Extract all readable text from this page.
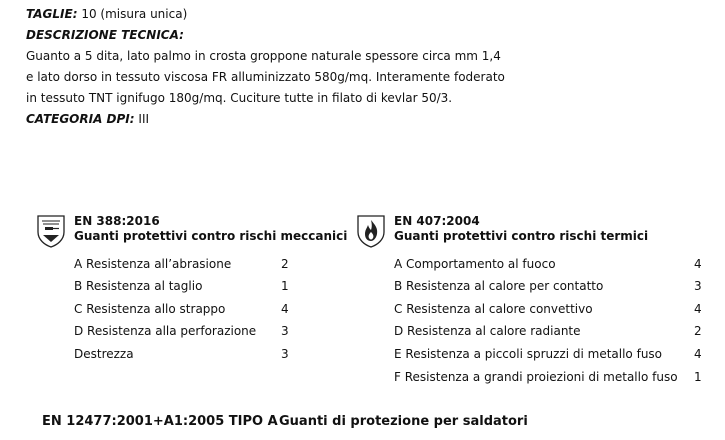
TAGLIE: 10 (misura unica)
DESCRIZIONE TECNICA:
Guanto a 5 dita, lato palmo in crosta groppone naturale spessore circa mm 1,4
e lato dorso in tessuto viscosa FR alluminizzato 580g/mq. Interamente foderato
in tessuto TNT ignifugo 180g/mq. Cuciture tutte in filato di kevlar 50/3.
CATEGORIA DPI: III
EN 388:2016
Guanti protettivi contro rischi meccanici
A Resistenza all’abrasione	2
B Resistenza al taglio	1
C Resistenza allo strappo	4
D Resistenza alla perforazione 3
Destrezza	3
EN 407:2004
Guanti protettivi contro rischi termici
A Comportamento al fuoco	4
B Resistenza al calore per contatto	3
C Resistenza al calore convettivo	4
D Resistenza al calore radiante	2
E Resistenza a piccoli spruzzi di metallo fuso	4
F Resistenza a grandi proiezioni di metallo fuso 1
EN 12477:2001+A1:2005 TIPO A Guanti di protezione per saldatori
